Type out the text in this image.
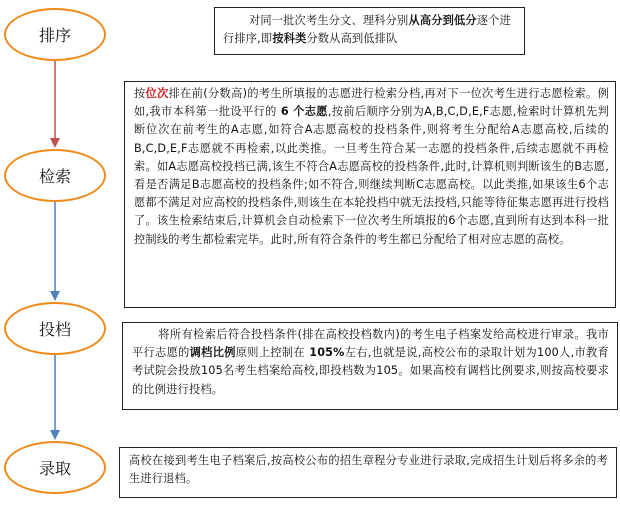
排序
检索
投档
录取
对同一批次考生分文、理科分别从高分到低分逐个进行排序,即按科类分数从高到低排队
按位次排在前(分数高)的考生所填报的志愿进行检索分档,再对下一位次考生进行志愿检索。例如,我市本科第一批设平行的 6 个志愿,按前后顺序分别为A,B,C,D,E,F志愿,检索时计算机先判断位次在前考生的A志愿,如符合A志愿高校的投档条件,则将考生分配给A志愿高校,后续的B,C,D,E,F志愿就不再检索,以此类推。一旦考生符合某一志愿的投档条件,后续志愿就不再检索。如A志愿高校投档已满,该生不符合A志愿高校的投档条件,此时,计算机则判断该生的B志愿,看是否满足B志愿高校的投档条件;如不符合,则继续判断C志愿高校。以此类推,如果该生6个志愿都不满足对应高校的投档条件,则该生在本轮投档中就无法投档,只能等待征集志愿再进行投档了。该生检索结束后,计算机会自动检索下一位次考生所填报的6个志愿,直到所有达到本科一批控制线的考生都检索完毕。此时,所有符合条件的考生都已分配给了相对应志愿的高校。
将所有检索后符合投档条件(排在高校投档数内)的考生电子档案发给高校进行审录。我市平行志愿的调档比例原则上控制在 105%左右,也就是说,高校公布的录取计划为100人,市教育考试院会投放105名考生档案给高校,即投档数为105。如果高校有调档比例要求,则按高校要求的比例进行投档。
高校在接到考生电子档案后,按高校公布的招生章程分专业进行录取,完成招生计划后将多余的考生进行退档。
